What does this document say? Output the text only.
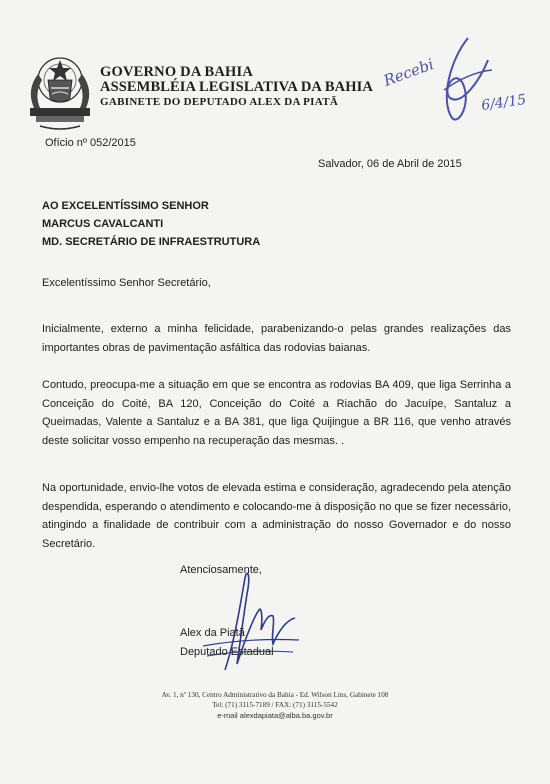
GOVERNO DA BAHIA
ASSEMBLÉIA LEGISLATIVA DA BAHIA
GABINETE DO DEPUTADO ALEX DA PIATÃ
Recebi
6/4/15
Ofício nº 052/2015
Salvador, 06 de Abril de 2015
AO EXCELENTÍSSIMO SENHOR
MARCUS CAVALCANTI
MD. SECRETÁRIO DE INFRAESTRUTURA
Excelentíssimo Senhor Secretário,
Inicialmente, externo a minha felicidade, parabenizando-o pelas grandes realizações das importantes obras de pavimentação asfáltica das rodovias baianas.
Contudo, preocupa-me a situação em que se encontra as rodovias BA 409, que liga Serrinha a Conceição do Coité, BA 120, Conceição do Coité a Riachão do Jacuípe, Santaluz a Queimadas, Valente a Santaluz e a BA 381, que liga Quijingue a BR 116, que venho através deste solicitar vosso empenho na recuperação das mesmas. .
Na oportunidade, envio-lhe votos de elevada estima e consideração, agradecendo pela atenção despendida, esperando o atendimento e colocando-me à disposição no que se fizer necessário, atingindo a finalidade de contribuir com a administração do nosso Governador e do nosso Secretário.
Atenciosamente,
Alex da Piatã
Deputado Estadual
Av. 1, nº 130, Centro Administrativo da Bahia - Ed. Wilson Lins, Gabinete 108
Tel: (71) 3115-7189 / FAX: (71) 3115-5542
e-mail alexdapiata@alba.ba.gov.br
